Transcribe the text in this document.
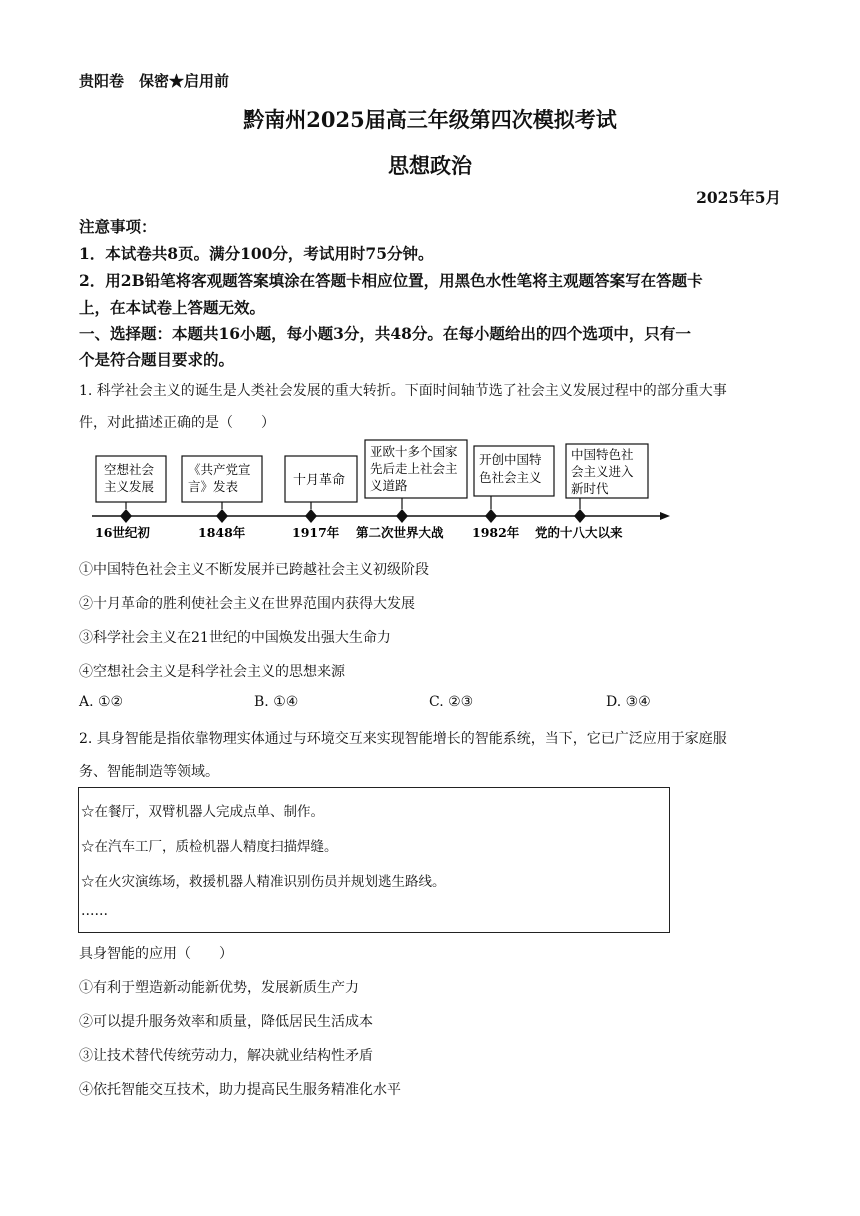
贵阳卷　保密★启用前
黔南州2025届高三年级第四次模拟考试
思想政治
2025年5月
注意事项：
1．本试卷共8页。满分100分，考试用时75分钟。
2．用2B铅笔将客观题答案填涂在答题卡相应位置，用黑色水性笔将主观题答案写在答题卡
上，在本试卷上答题无效。
一、选择题：本题共16小题，每小题3分，共48分。在每小题给出的四个选项中，只有一
个是符合题目要求的。
1. 科学社会主义的诞生是人类社会发展的重大转折。下面时间轴节选了社会主义发展过程中的部分重大事
件，对此描述正确的是（　　）
空想社会
主义发展
16世纪初
《共产党宣
言》发表
1848年
十月革命
1917年
亚欧十多个国家
先后走上社会主
义道路
第二次世界大战
开创中国特
色社会主义
1982年
中国特色社
会主义进入
新时代
党的十八大以来
①中国特色社会主义不断发展并已跨越社会主义初级阶段
②十月革命的胜利使社会主义在世界范围内获得大发展
③科学社会主义在21世纪的中国焕发出强大生命力
④空想社会主义是科学社会主义的思想来源
A. ①②	B. ①④	C. ②③	D. ③④
2. 具身智能是指依靠物理实体通过与环境交互来实现智能增长的智能系统，当下，它已广泛应用于家庭服
务、智能制造等领域。
☆在餐厅，双臂机器人完成点单、制作。
☆在汽车工厂，质检机器人精度扫描焊缝。
☆在火灾演练场，救援机器人精准识别伤员并规划逃生路线。
……
具身智能的应用（　　）
①有利于塑造新动能新优势，发展新质生产力
②可以提升服务效率和质量，降低居民生活成本
③让技术替代传统劳动力，解决就业结构性矛盾
④依托智能交互技术，助力提高民生服务精准化水平
